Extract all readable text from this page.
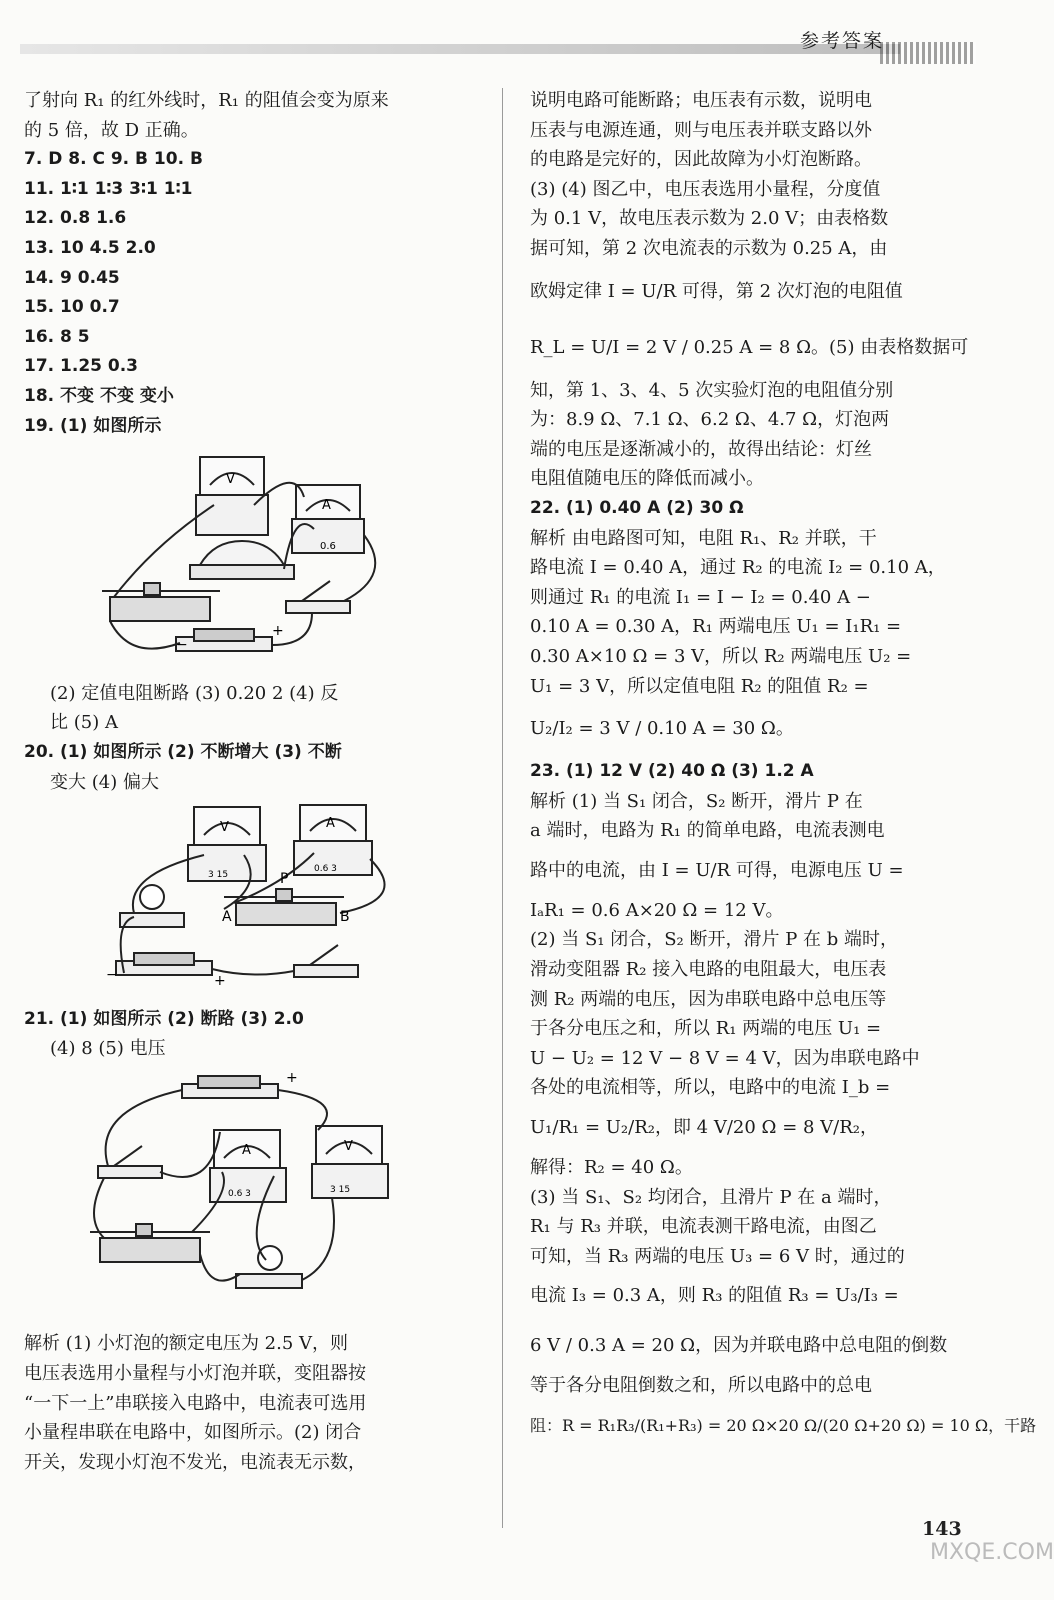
参考答案
了射向 R₁ 的红外线时，R₁ 的阻值会变为原来
的 5 倍，故 D 正确。
7. D 8. C 9. B 10. B
11. 1∶1 1∶3 3∶1 1∶1
12. 0.8 1.6
13. 10 4.5 2.0
14. 9 0.45
15. 10 0.7
16. 8 5
17. 1.25 0.3
18. 不变 不变 变小
19. (1) 如图所示
V
A
−
+
0.6
(2) 定值电阻断路 (3) 0.20 2 (4) 反
比 (5) A
20. (1) 如图所示 (2) 不断增大 (3) 不断
变大 (4) 偏大
V	A
P
A	B
−	+
3 15
0.6 3
21. (1) 如图所示 (2) 断路 (3) 2.0
(4) 8 (5) 电压
+
A	V
0.6 3	3 15
解析 (1) 小灯泡的额定电压为 2.5 V，则
电压表选用小量程与小灯泡并联，变阻器按
“一下一上”串联接入电路中，电流表可选用
小量程串联在电路中，如图所示。(2) 闭合
开关，发现小灯泡不发光，电流表无示数，
说明电路可能断路；电压表有示数，说明电
压表与电源连通，则与电压表并联支路以外
的电路是完好的，因此故障为小灯泡断路。
(3) (4) 图乙中，电压表选用小量程，分度值
为 0.1 V，故电压表示数为 2.0 V；由表格数
据可知，第 2 次电流表的示数为 0.25 A，由
欧姆定律 I = U/R 可得，第 2 次灯泡的电阻值
R_L = U/I = 2 V / 0.25 A = 8 Ω。(5) 由表格数据可
知，第 1、3、4、5 次实验灯泡的电阻值分别
为：8.9 Ω、7.1 Ω、6.2 Ω、4.7 Ω，灯泡两
端的电压是逐渐减小的，故得出结论：灯丝
电阻值随电压的降低而减小。
22. (1) 0.40 A (2) 30 Ω
解析 由电路图可知，电阻 R₁、R₂ 并联，干
路电流 I = 0.40 A，通过 R₂ 的电流 I₂ = 0.10 A，
则通过 R₁ 的电流 I₁ = I − I₂ = 0.40 A −
0.10 A = 0.30 A，R₁ 两端电压 U₁ = I₁R₁ =
0.30 A×10 Ω = 3 V，所以 R₂ 两端电压 U₂ =
U₁ = 3 V，所以定值电阻 R₂ 的阻值 R₂ =
U₂/I₂ = 3 V / 0.10 A = 30 Ω。
23. (1) 12 V (2) 40 Ω (3) 1.2 A
解析 (1) 当 S₁ 闭合，S₂ 断开，滑片 P 在
a 端时，电路为 R₁ 的简单电路，电流表测电
路中的电流，由 I = U/R 可得，电源电压 U =
IₐR₁ = 0.6 A×20 Ω = 12 V。
(2) 当 S₁ 闭合，S₂ 断开，滑片 P 在 b 端时，
滑动变阻器 R₂ 接入电路的电阻最大，电压表
测 R₂ 两端的电压，因为串联电路中总电压等
于各分电压之和，所以 R₁ 两端的电压 U₁ =
U − U₂ = 12 V − 8 V = 4 V，因为串联电路中
各处的电流相等，所以，电路中的电流 I_b =
U₁/R₁ = U₂/R₂，即 4 V/20 Ω = 8 V/R₂，
解得：R₂ = 40 Ω。
(3) 当 S₁、S₂ 均闭合，且滑片 P 在 a 端时，
R₁ 与 R₃ 并联，电流表测干路电流，由图乙
可知，当 R₃ 两端的电压 U₃ = 6 V 时，通过的
电流 I₃ = 0.3 A，则 R₃ 的阻值 R₃ = U₃/I₃ =
6 V / 0.3 A = 20 Ω，因为并联电路中总电阻的倒数
等于各分电阻倒数之和，所以电路中的总电
阻：R = R₁R₃/(R₁+R₃) = 20 Ω×20 Ω/(20 Ω+20 Ω) = 10 Ω，干路
143
MXQE.COM
